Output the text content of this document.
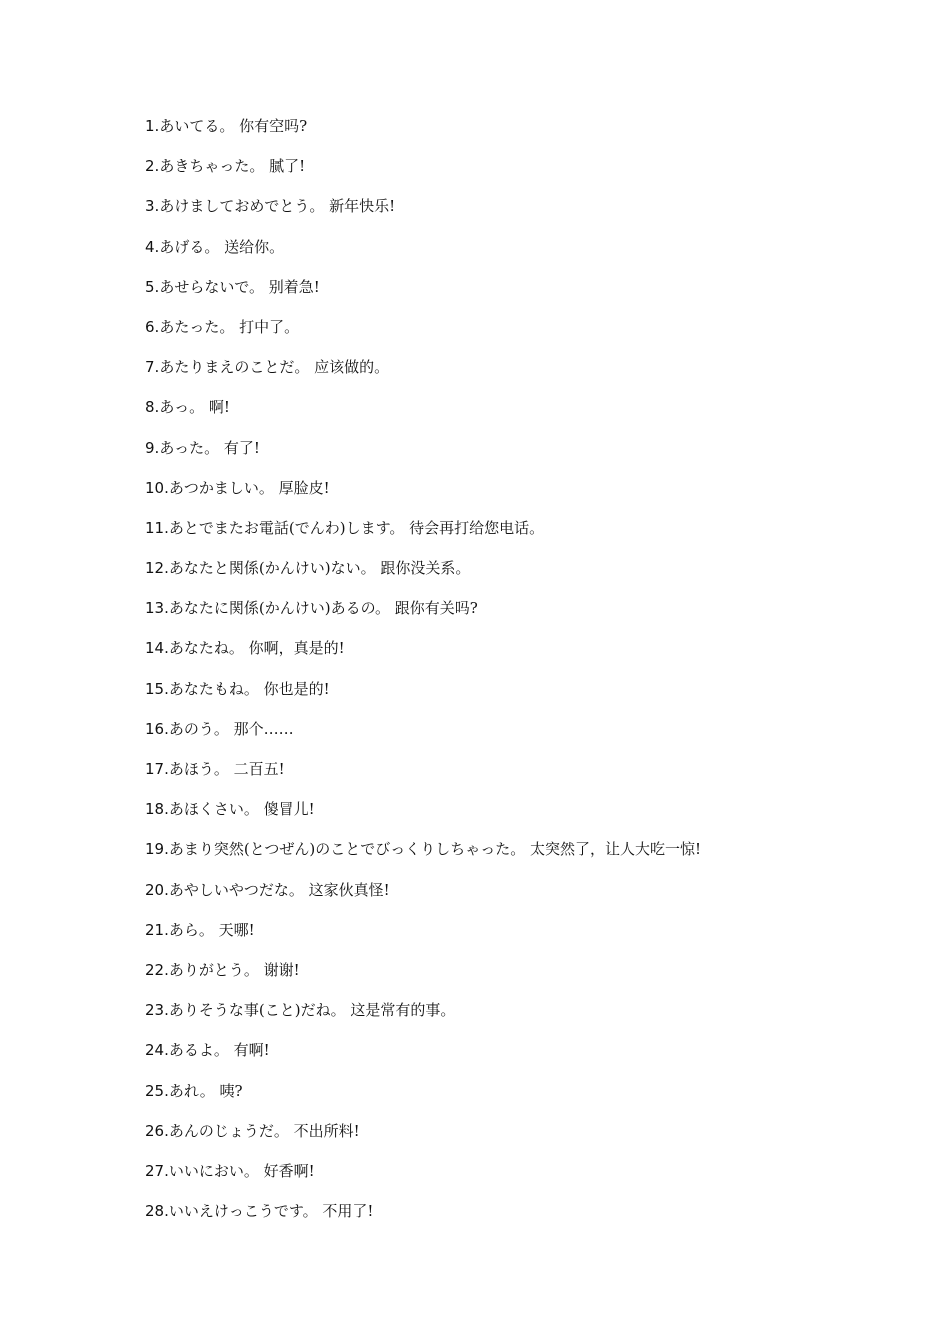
1.あいてる。 你有空吗?
2.あきちゃった。 腻了!
3.あけましておめでとう。 新年快乐!
4.あげる。 送给你。
5.あせらないで。 别着急!
6.あたった。 打中了。
7.あたりまえのことだ。 应该做的。
8.あっ。 啊!
9.あった。 有了!
10.あつかましい。 厚脸皮!
11.あとでまたお電話(でんわ)します。 待会再打给您电话。
12.あなたと関係(かんけい)ない。 跟你没关系。
13.あなたに関係(かんけい)あるの。 跟你有关吗?
14.あなたね。 你啊，真是的!
15.あなたもね。 你也是的!
16.あのう。 那个……
17.あほう。 二百五!
18.あほくさい。 傻冒儿!
19.あまり突然(とつぜん)のことでびっくりしちゃった。 太突然了，让人大吃一惊!
20.あやしいやつだな。 这家伙真怪!
21.あら。 天哪!
22.ありがとう。 谢谢!
23.ありそうな事(こと)だね。 这是常有的事。
24.あるよ。 有啊!
25.あれ。 咦?
26.あんのじょうだ。 不出所料!
27.いいにおい。 好香啊!
28.いいえけっこうです。 不用了!
